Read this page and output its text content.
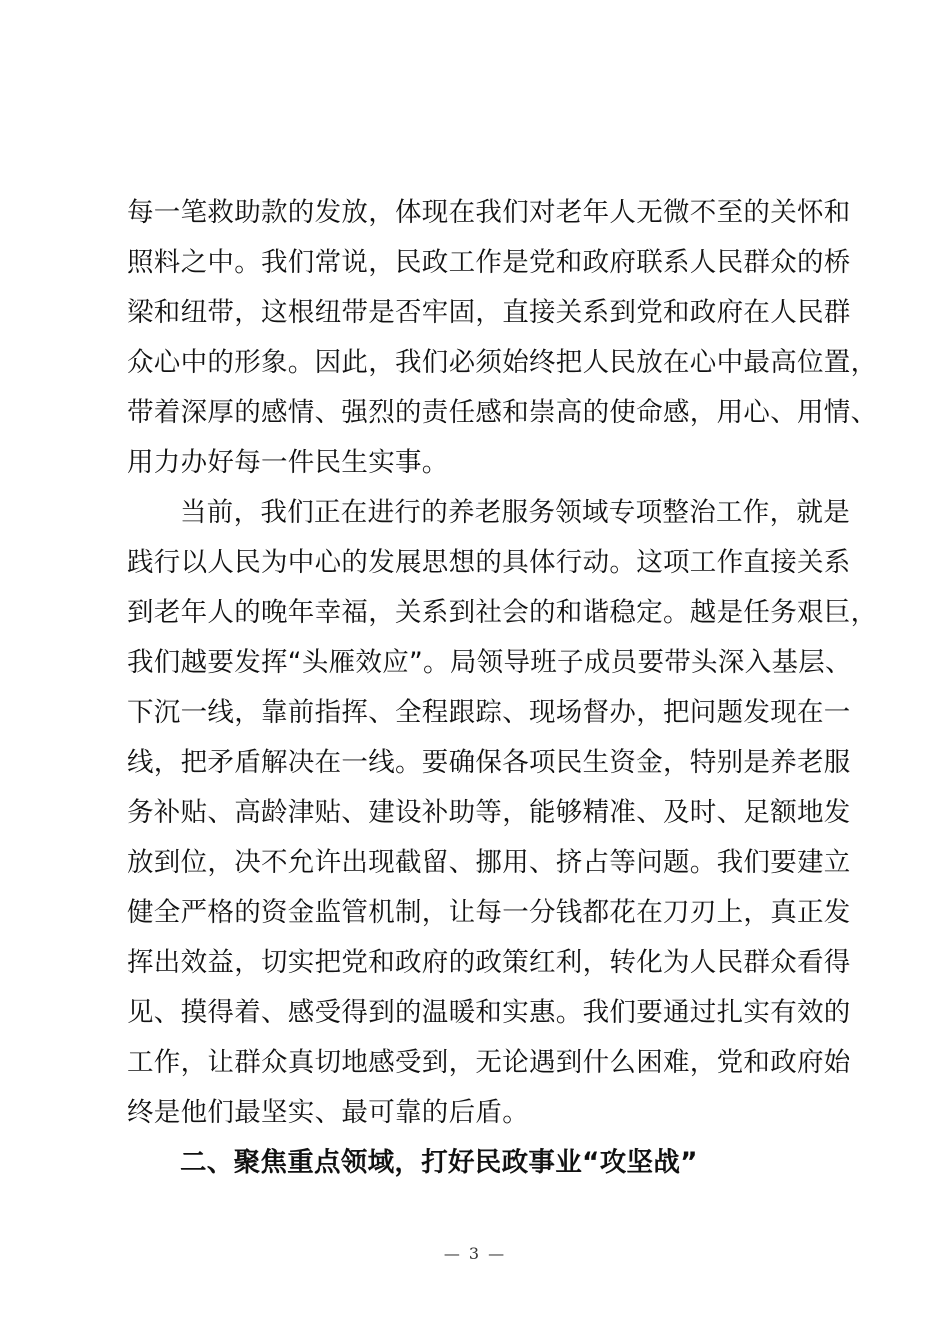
每一笔救助款的发放，体现在我们对老年人无微不至的关怀和
照料之中。我们常说，民政工作是党和政府联系人民群众的桥
梁和纽带，这根纽带是否牢固，直接关系到党和政府在人民群
众心中的形象。因此，我们必须始终把人民放在心中最高位置，
带着深厚的感情、强烈的责任感和崇高的使命感，用心、用情、
用力办好每一件民生实事。
当前，我们正在进行的养老服务领域专项整治工作，就是
践行以人民为中心的发展思想的具体行动。这项工作直接关系
到老年人的晚年幸福，关系到社会的和谐稳定。越是任务艰巨，
我们越要发挥“头雁效应”。局领导班子成员要带头深入基层、
下沉一线，靠前指挥、全程跟踪、现场督办，把问题发现在一
线，把矛盾解决在一线。要确保各项民生资金，特别是养老服
务补贴、高龄津贴、建设补助等，能够精准、及时、足额地发
放到位，决不允许出现截留、挪用、挤占等问题。我们要建立
健全严格的资金监管机制，让每一分钱都花在刀刃上，真正发
挥出效益，切实把党和政府的政策红利，转化为人民群众看得
见、摸得着、感受得到的温暖和实惠。我们要通过扎实有效的
工作，让群众真切地感受到，无论遇到什么困难，党和政府始
终是他们最坚实、最可靠的后盾。
二、聚焦重点领域，打好民政事业“攻坚战”
— 3 —
